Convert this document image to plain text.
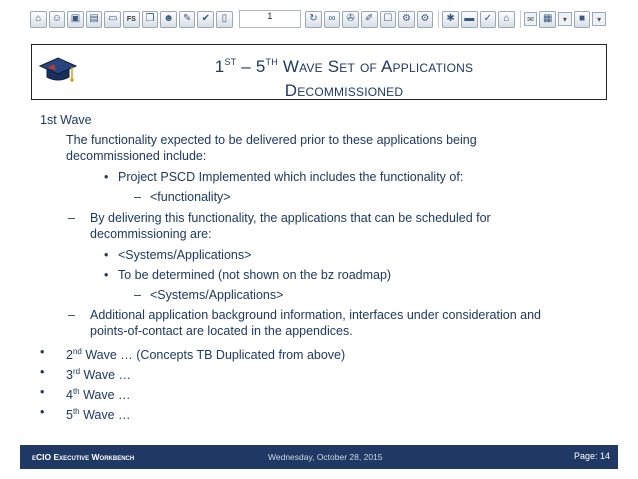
⌂	☺ ▣ ▤ ▭	FS ❐ ☻ ✎	✔	▯	1	↻	∞	✇	✐ ☐ ⚙ ⚙	✱ ▬ ✓	⌂	✉ ▦	▾	■	▾
1ST – 5TH Wave Set of Applications
Decommissioned
1st Wave
The functionality expected to be delivered prior to these applications being
decommissioned include:
• Project PSCD Implemented which includes the functionality of:
– <functionality>
– By delivering this functionality, the applications that can be scheduled for
decommissioning are:
• <Systems/Applications>
• To be determined (not shown on the bz roadmap)
– <Systems/Applications>
– Additional application background information, interfaces under consideration and
points-of-contact are located in the appendices.
• 2nd Wave … (Concepts TB Duplicated from above)
• 3rd Wave …
• 4th Wave …
• 5th Wave …
eCIO Executive Workbench	Wednesday, October 28, 2015	Page: 14
